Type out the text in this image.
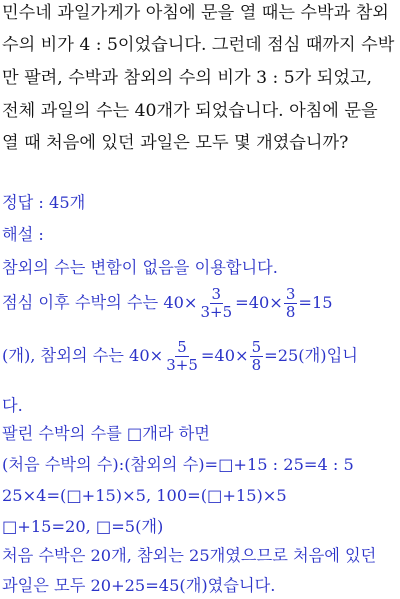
민수네 과일가게가 아침에 문을 열 때는 수박과 참외
수의 비가 4 : 5이었습니다. 그런데 점심 때까지 수박
만 팔려, 수박과 참외의 수의 비가 3 : 5가 되었고,
전체 과일의 수는 40개가 되었습니다. 아침에 문을
열 때 처음에 있던 과일은 모두 몇 개였습니까?
정답 : 45개
해설 :
참외의 수는 변함이 없음을 이용합니다.
점심 이후 수박의 수는 $40\times \frac{3}{3+5} =40\times \frac{3}{8} =15$
(개), 참외의 수는 $40\times \frac{5}{3+5} =40\times \frac{5}{8} =25$(개)입니
다.
팔린 수박의 수를 □개라 하면
(처음 수박의 수):(참외의 수)=□+15 : 25=4 : 5
25×4=(□+15)×5, 100=(□+15)×5
□+15=20, □=5(개)
처음 수박은 20개, 참외는 25개였으므로 처음에 있던
과일은 모두 20+25=45(개)였습니다.
